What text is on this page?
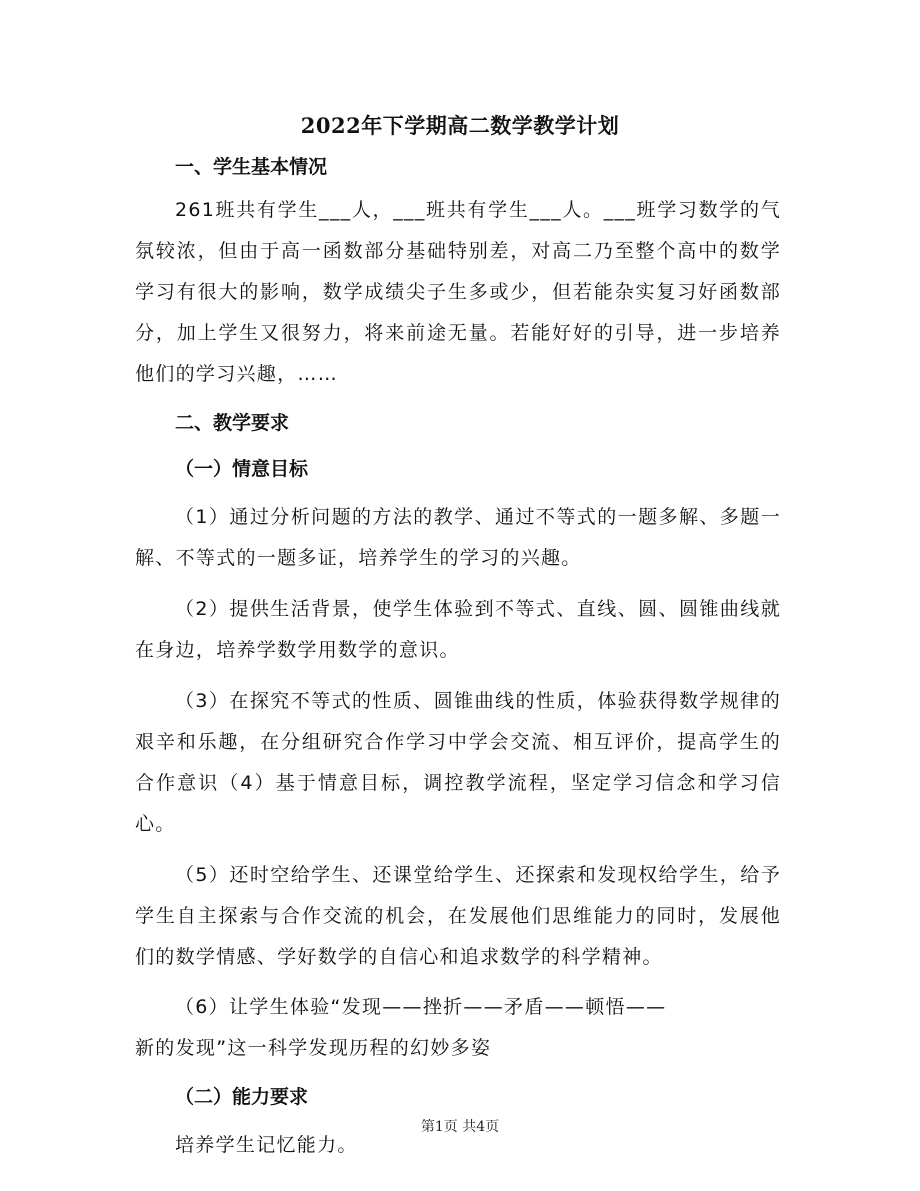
2022年下学期高二数学教学计划

一、学生基本情况

261班共有学生___人，___班共有学生___人。___班学习数学的气氛较浓，但由于高一函数部分基础特别差，对高二乃至整个高中的数学学习有很大的影响，数学成绩尖子生多或少，但若能杂实复习好函数部分，加上学生又很努力，将来前途无量。若能好好的引导，进一步培养他们的学习兴趣，……

二、教学要求

（一）情意目标

（1）通过分析问题的方法的教学、通过不等式的一题多解、多题一解、不等式的一题多证，培养学生的学习的兴趣。

（2）提供生活背景，使学生体验到不等式、直线、圆、圆锥曲线就在身边，培养学数学用数学的意识。

（3）在探究不等式的性质、圆锥曲线的性质，体验获得数学规律的艰辛和乐趣，在分组研究合作学习中学会交流、相互评价，提高学生的合作意识（4）基于情意目标，调控教学流程，坚定学习信念和学习信心。

（5）还时空给学生、还课堂给学生、还探索和发现权给学生，给予学生自主探索与合作交流的机会，在发展他们思维能力的同时，发展他们的数学情感、学好数学的自信心和追求数学的科学精神。

（6）让学生体验“发现——挫折——矛盾——顿悟——
新的发现”这一科学发现历程的幻妙多姿

（二）能力要求

培养学生记忆能力。

第1页 共4页
